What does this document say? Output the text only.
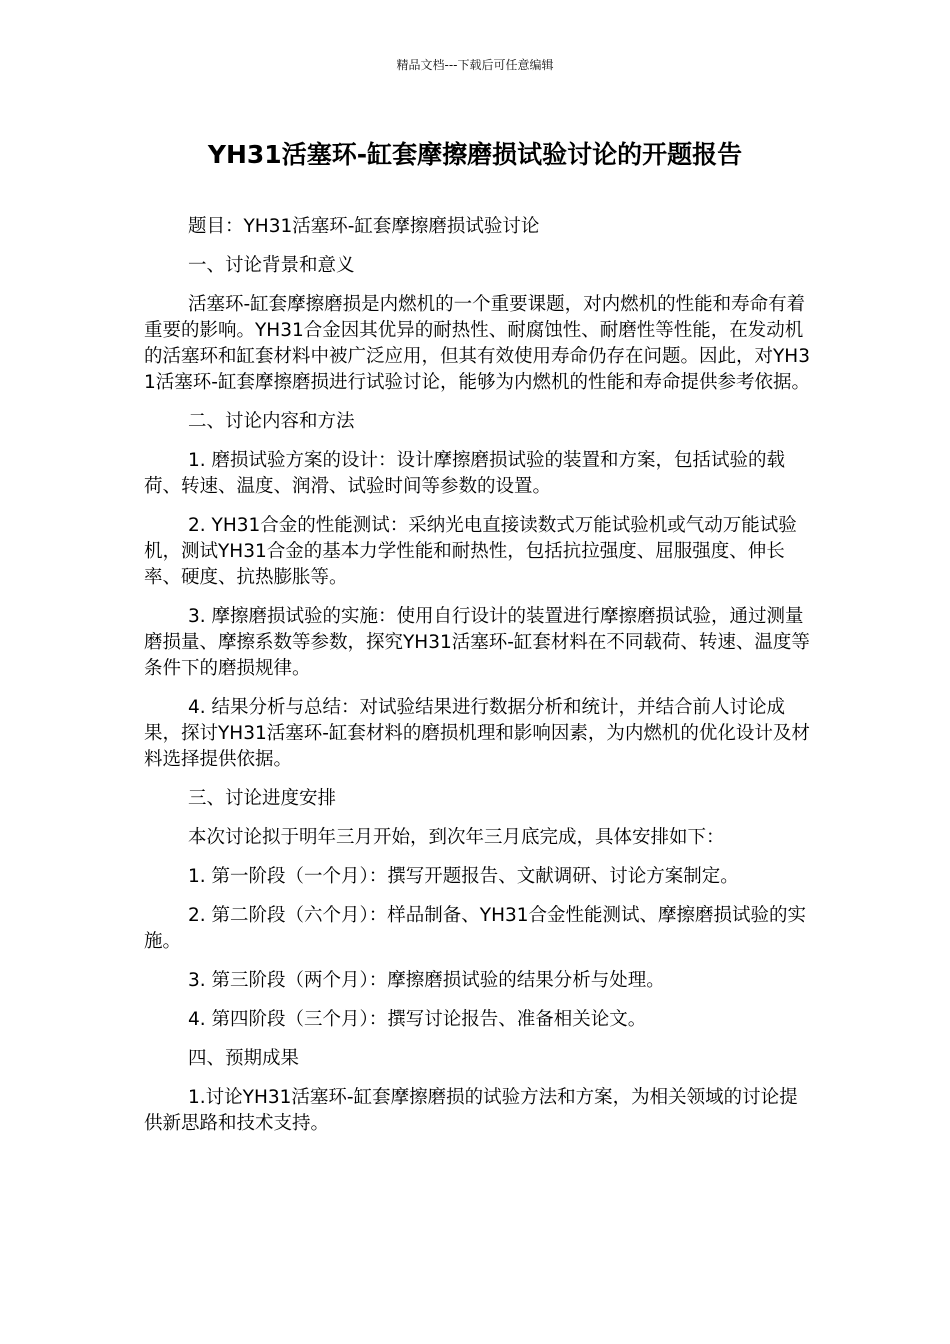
精品文档---下载后可任意编辑
YH31活塞环-缸套摩擦磨损试验讨论的开题报告

题目：YH31活塞环-缸套摩擦磨损试验讨论

一、讨论背景和意义

活塞环-缸套摩擦磨损是内燃机的一个重要课题，对内燃机的性能和寿命有着重要的影响。YH31合金因其优异的耐热性、耐腐蚀性、耐磨性等性能，在发动机的活塞环和缸套材料中被广泛应用，但其有效使用寿命仍存在问题。因此，对YH31活塞环-缸套摩擦磨损进行试验讨论，能够为内燃机的性能和寿命提供参考依据。

二、讨论内容和方法

1. 磨损试验方案的设计：设计摩擦磨损试验的装置和方案，包括试验的载荷、转速、温度、润滑、试验时间等参数的设置。

2. YH31合金的性能测试：采纳光电直接读数式万能试验机或气动万能试验机，测试YH31合金的基本力学性能和耐热性，包括抗拉强度、屈服强度、伸长率、硬度、抗热膨胀等。

3. 摩擦磨损试验的实施：使用自行设计的装置进行摩擦磨损试验，通过测量磨损量、摩擦系数等参数，探究YH31活塞环-缸套材料在不同载荷、转速、温度等条件下的磨损规律。

4. 结果分析与总结：对试验结果进行数据分析和统计，并结合前人讨论成果，探讨YH31活塞环-缸套材料的磨损机理和影响因素，为内燃机的优化设计及材料选择提供依据。

三、讨论进度安排

本次讨论拟于明年三月开始，到次年三月底完成，具体安排如下：

1. 第一阶段（一个月）：撰写开题报告、文献调研、讨论方案制定。

2. 第二阶段（六个月）：样品制备、YH31合金性能测试、摩擦磨损试验的实施。

3. 第三阶段（两个月）：摩擦磨损试验的结果分析与处理。

4. 第四阶段（三个月）：撰写讨论报告、准备相关论文。

四、预期成果

1.讨论YH31活塞环-缸套摩擦磨损的试验方法和方案，为相关领域的讨论提供新思路和技术支持。
